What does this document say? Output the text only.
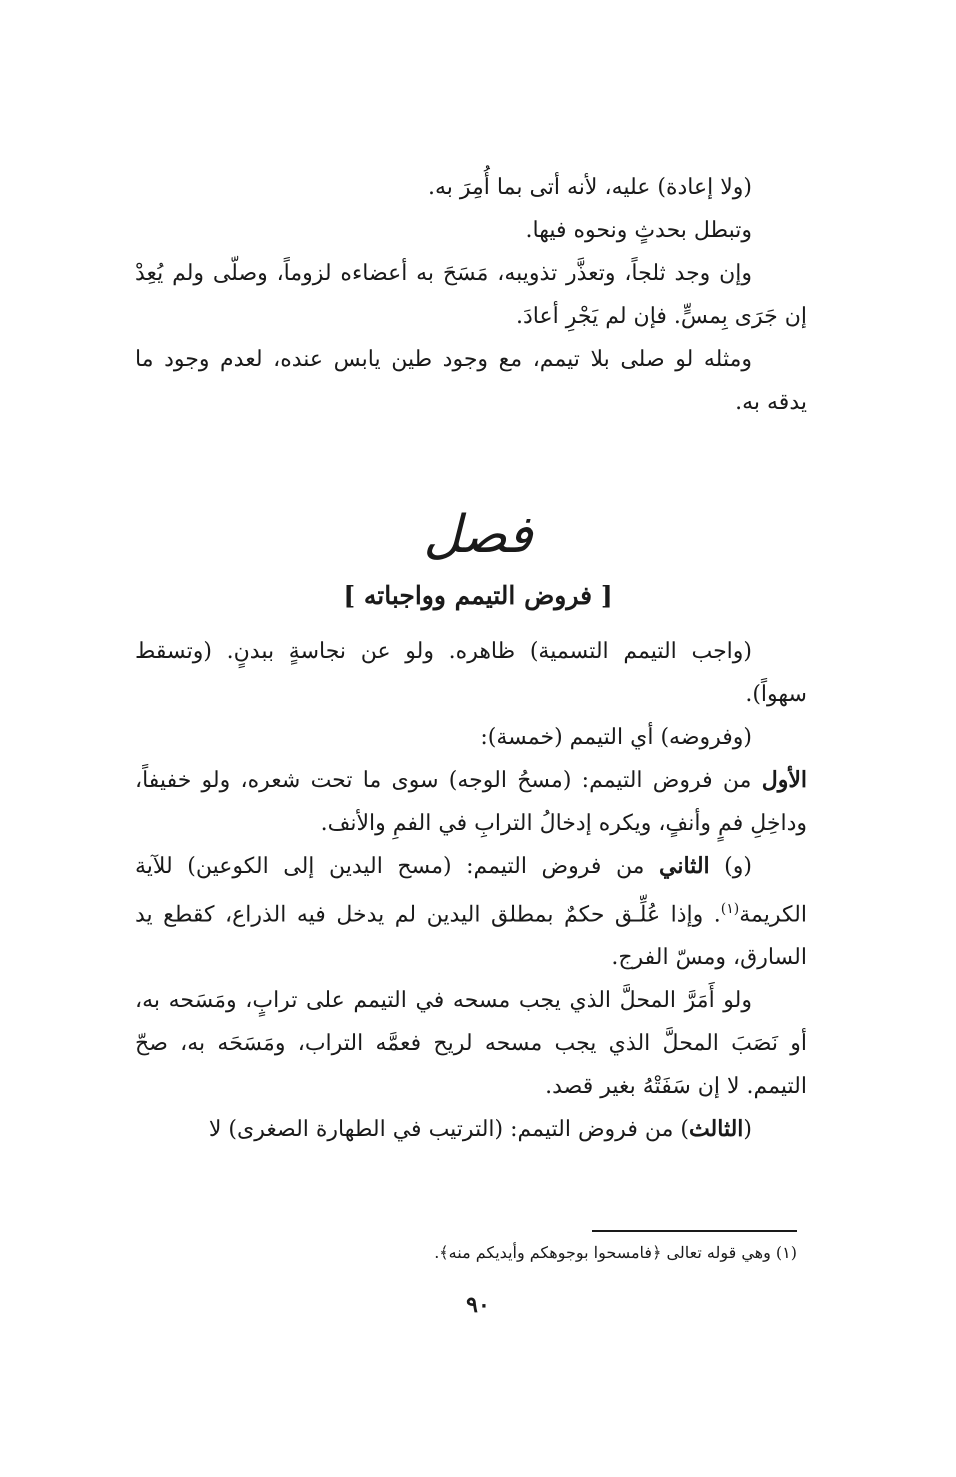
(ولا إعادة) عليه، لأنه أتى بما أُمِرَ به.

وتبطل بحدثٍ ونحوه فيها.

وإن وجد ثلجاً، وتعذَّر تذويبه، مَسَحَ به أعضاءه لزوماً، وصلّى ولم يُعِدْ إن جَرَى بِمسٍّ. فإن لم يَجْرِ أعادَ.

ومثله لو صلى بلا تيمم، مع وجود طين يابس عنده، لعدم وجود ما يدقه به.

فصل
[ فروض التيمم وواجباته ]

(واجب التيمم التسمية) ظاهره. ولو عن نجاسةٍ ببدنٍ. (وتسقط سهواً).

(وفروضه) أي التيمم (خمسة):

الأول من فروض التيمم: (مسحُ الوجه) سوى ما تحت شعره، ولو خفيفاً، وداخِلِ فمٍ وأنفٍ، ويكره إدخالُ الترابِ في الفمِ والأنف.

(و) الثاني من فروض التيمم: (مسح اليدين إلى الكوعين) للآية الكريمة$^{(١)}$. وإذا عُلِّـق حكمٌ بمطلق اليدين لم يدخل فيه الذراع، كقطع يد السارق، ومسّ الفرج.

ولو أَمَرَّ المحلَّ الذي يجب مسحه في التيمم على ترابٍ، ومَسَحه به، أو نَصَبَ المحلَّ الذي يجب مسحه لريح فعمَّه التراب، ومَسَحَه به، صحّ التيمم. لا إن سَفَتْهُ بغير قصد.

(الثالث) من فروض التيمم: (الترتيب في الطهارة الصغرى) لا

(١) وهي قوله تعالى ﴿فامسحوا بوجوهكم وأيديكم منه﴾.
٩٠
